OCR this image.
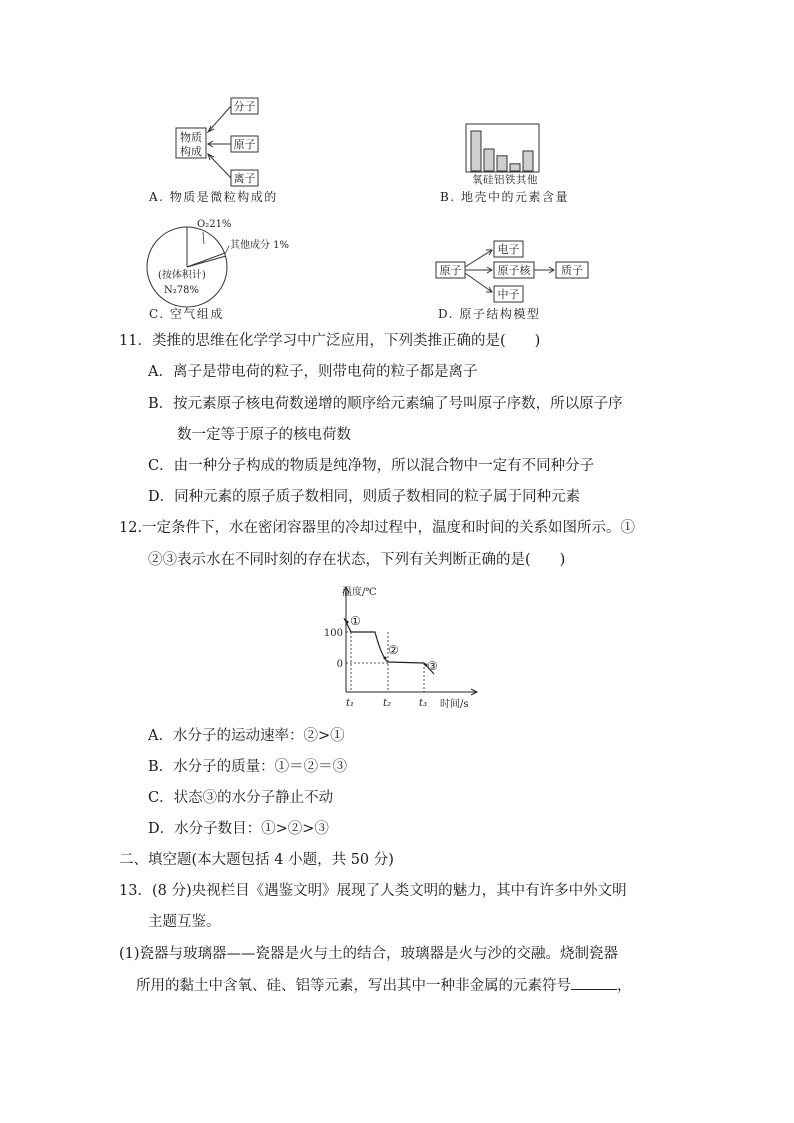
物质
构成
分子
原子
离子
A. 物质是微粒构成的
氧硅铝铁其他
B. 地壳中的元素含量
O₂21%
其他成分 1%
(按体积计)
N₂78%
C. 空气组成
原子
电子
原子核
中子
质子
D. 原子结构模型
11．类推的思维在化学学习中广泛应用，下列类推正确的是(　　)
A．离子是带电荷的粒子，则带电荷的粒子都是离子
B．按元素原子核电荷数递增的顺序给元素编了号叫原子序数，所以原子序
数一定等于原子的核电荷数
C．由一种分子构成的物质是纯净物，所以混合物中一定有不同种分子
D．同种元素的原子质子数相同，则质子数相同的粒子属于同种元素
12.一定条件下，水在密闭容器里的冷却过程中，温度和时间的关系如图所示。①
②③表示水在不同时刻的存在状态，下列有关判断正确的是(　　)
温度/℃
时间/s
100
0
①
②
③
t₁	t₂	t₃
A．水分子的运动速率：②>①
B．水分子的质量：①＝②＝③
C．状态③的水分子静止不动
D．水分子数目：①>②>③
二、填空题(本大题包括 4 小题，共 50 分)
13．(8 分)央视栏目《遇鉴文明》展现了人类文明的魅力，其中有许多中外文明
主题互鉴。
(1)瓷器与玻璃器——瓷器是火与土的结合，玻璃器是火与沙的交融。烧制瓷器
所用的黏土中含氧、硅、铝等元素，写出其中一种非金属的元素符号	，
